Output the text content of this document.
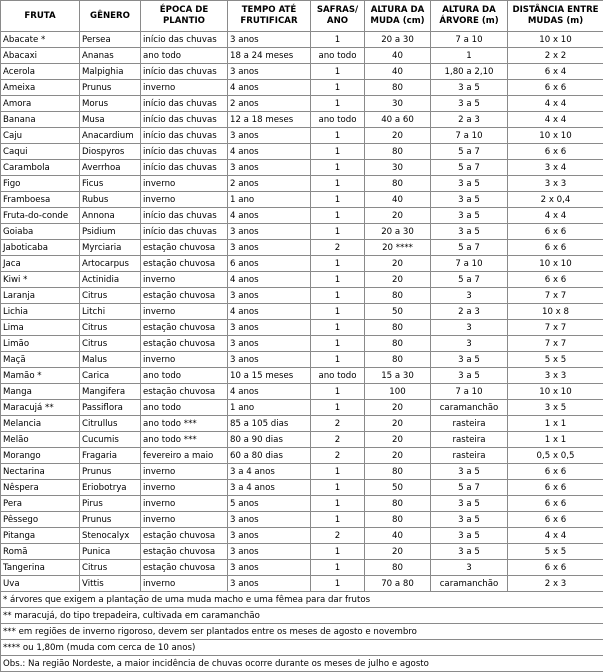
FRUTA	GÊNERO	ÉPOCA DE PLANTIO	TEMPO ATÉ FRUTIFICAR	SAFRAS/ ANO	ALTURA DA MUDA (cm)	ALTURA DA ÁRVORE (m)	DISTÂNCIA ENTRE MUDAS (m)
Abacate *	Persea	início das chuvas	3 anos	1	20 a 30	7 a 10	10 x 10
Abacaxi	Ananas	ano todo	18 a 24 meses	ano todo	40	1	2 x 2
Acerola	Malpighia	início das chuvas	3 anos	1	40	1,80 a 2,10	6 x 4
Ameixa	Prunus	inverno	4 anos	1	80	3 a 5	6 x 6
Amora	Morus	início das chuvas	2 anos	1	30	3 a 5	4 x 4
Banana	Musa	início das chuvas	12 a 18 meses	ano todo	40 a 60	2 a 3	4 x 4
Caju	Anacardium	início das chuvas	3 anos	1	20	7 a 10	10 x 10
Caqui	Diospyros	início das chuvas	4 anos	1	80	5 a 7	6 x 6
Carambola	Averrhoa	início das chuvas	3 anos	1	30	5 a 7	3 x 4
Figo	Ficus	inverno	2 anos	1	80	3 a 5	3 x 3
Framboesa	Rubus	inverno	1 ano	1	40	3 a 5	2 x 0,4
Fruta-do-conde	Annona	início das chuvas	4 anos	1	20	3 a 5	4 x 4
Goiaba	Psidium	início das chuvas	3 anos	1	20 a 30	3 a 5	6 x 6
Jaboticaba	Myrciaria	estação chuvosa	3 anos	2	20 ****	5 a 7	6 x 6
Jaca	Artocarpus	estação chuvosa	6 anos	1	20	7 a 10	10 x 10
Kiwi *	Actinidia	inverno	4 anos	1	20	5 a 7	6 x 6
Laranja	Citrus	estação chuvosa	3 anos	1	80	3	7 x 7
Lichia	Litchi	inverno	4 anos	1	50	2 a 3	10 x 8
Lima	Citrus	estação chuvosa	3 anos	1	80	3	7 x 7
Limão	Citrus	estação chuvosa	3 anos	1	80	3	7 x 7
Maçã	Malus	inverno	3 anos	1	80	3 a 5	5 x 5
Mamão *	Carica	ano todo	10 a 15 meses	ano todo	15 a 30	3 a 5	3 x 3
Manga	Mangifera	estação chuvosa	4 anos	1	100	7 a 10	10 x 10
Maracujá **	Passiflora	ano todo	1 ano	1	20	caramanchão	3 x 5
Melancia	Citrullus	ano todo ***	85 a 105 dias	2	20	rasteira	1 x 1
Melão	Cucumis	ano todo ***	80 a 90 dias	2	20	rasteira	1 x 1
Morango	Fragaria	fevereiro a maio	60 a 80 dias	2	20	rasteira	0,5 x 0,5
Nectarina	Prunus	inverno	3 a 4 anos	1	80	3 a 5	6 x 6
Nêspera	Eriobotrya	inverno	3 a 4 anos	1	50	5 a 7	6 x 6
Pera	Pirus	inverno	5 anos	1	80	3 a 5	6 x 6
Pêssego	Prunus	inverno	3 anos	1	80	3 a 5	6 x 6
Pitanga	Stenocalyx	estação chuvosa	3 anos	2	40	3 a 5	4 x 4
Romã	Punica	estação chuvosa	3 anos	1	20	3 a 5	5 x 5
Tangerina	Citrus	estação chuvosa	3 anos	1	80	3	6 x 6
Uva	Vittis	inverno	3 anos	1	70 a 80	caramanchão	2 x 3
* árvores que exigem a plantação de uma muda macho e uma fêmea para dar frutos							
** maracujá, do tipo trepadeira, cultivada em caramanchão							
*** em regiões de inverno rigoroso, devem ser plantados entre os meses de agosto e novembro							
**** ou 1,80m (muda com cerca de 10 anos)							
Obs.: Na região Nordeste, a maior incidência de chuvas ocorre durante os meses de julho e agosto							
